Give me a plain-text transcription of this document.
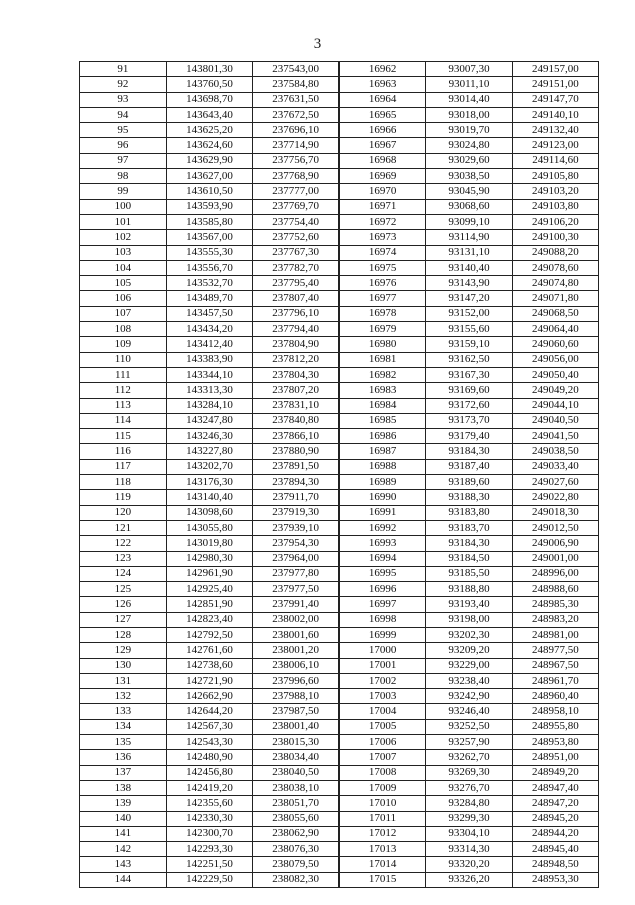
3
91	143801,30	237543,00	16962	93007,30	249157,00
92	143760,50	237584,80	16963	93011,10	249151,00
93	143698,70	237631,50	16964	93014,40	249147,70
94	143643,40	237672,50	16965	93018,00	249140,10
95	143625,20	237696,10	16966	93019,70	249132,40
96	143624,60	237714,90	16967	93024,80	249123,00
97	143629,90	237756,70	16968	93029,60	249114,60
98	143627,00	237768,90	16969	93038,50	249105,80
99	143610,50	237777,00	16970	93045,90	249103,20
100	143593,90	237769,70	16971	93068,60	249103,80
101	143585,80	237754,40	16972	93099,10	249106,20
102	143567,00	237752,60	16973	93114,90	249100,30
103	143555,30	237767,30	16974	93131,10	249088,20
104	143556,70	237782,70	16975	93140,40	249078,60
105	143532,70	237795,40	16976	93143,90	249074,80
106	143489,70	237807,40	16977	93147,20	249071,80
107	143457,50	237796,10	16978	93152,00	249068,50
108	143434,20	237794,40	16979	93155,60	249064,40
109	143412,40	237804,90	16980	93159,10	249060,60
110	143383,90	237812,20	16981	93162,50	249056,00
111	143344,10	237804,30	16982	93167,30	249050,40
112	143313,30	237807,20	16983	93169,60	249049,20
113	143284,10	237831,10	16984	93172,60	249044,10
114	143247,80	237840,80	16985	93173,70	249040,50
115	143246,30	237866,10	16986	93179,40	249041,50
116	143227,80	237880,90	16987	93184,30	249038,50
117	143202,70	237891,50	16988	93187,40	249033,40
118	143176,30	237894,30	16989	93189,60	249027,60
119	143140,40	237911,70	16990	93188,30	249022,80
120	143098,60	237919,30	16991	93183,80	249018,30
121	143055,80	237939,10	16992	93183,70	249012,50
122	143019,80	237954,30	16993	93184,30	249006,90
123	142980,30	237964,00	16994	93184,50	249001,00
124	142961,90	237977,80	16995	93185,50	248996,00
125	142925,40	237977,50	16996	93188,80	248988,60
126	142851,90	237991,40	16997	93193,40	248985,30
127	142823,40	238002,00	16998	93198,00	248983,20
128	142792,50	238001,60	16999	93202,30	248981,00
129	142761,60	238001,20	17000	93209,20	248977,50
130	142738,60	238006,10	17001	93229,00	248967,50
131	142721,90	237996,60	17002	93238,40	248961,70
132	142662,90	237988,10	17003	93242,90	248960,40
133	142644,20	237987,50	17004	93246,40	248958,10
134	142567,30	238001,40	17005	93252,50	248955,80
135	142543,30	238015,30	17006	93257,90	248953,80
136	142480,90	238034,40	17007	93262,70	248951,00
137	142456,80	238040,50	17008	93269,30	248949,20
138	142419,20	238038,10	17009	93276,70	248947,40
139	142355,60	238051,70	17010	93284,80	248947,20
140	142330,30	238055,60	17011	93299,30	248945,20
141	142300,70	238062,90	17012	93304,10	248944,20
142	142293,30	238076,30	17013	93314,30	248945,40
143	142251,50	238079,50	17014	93320,20	248948,50
144	142229,50	238082,30	17015	93326,20	248953,30
